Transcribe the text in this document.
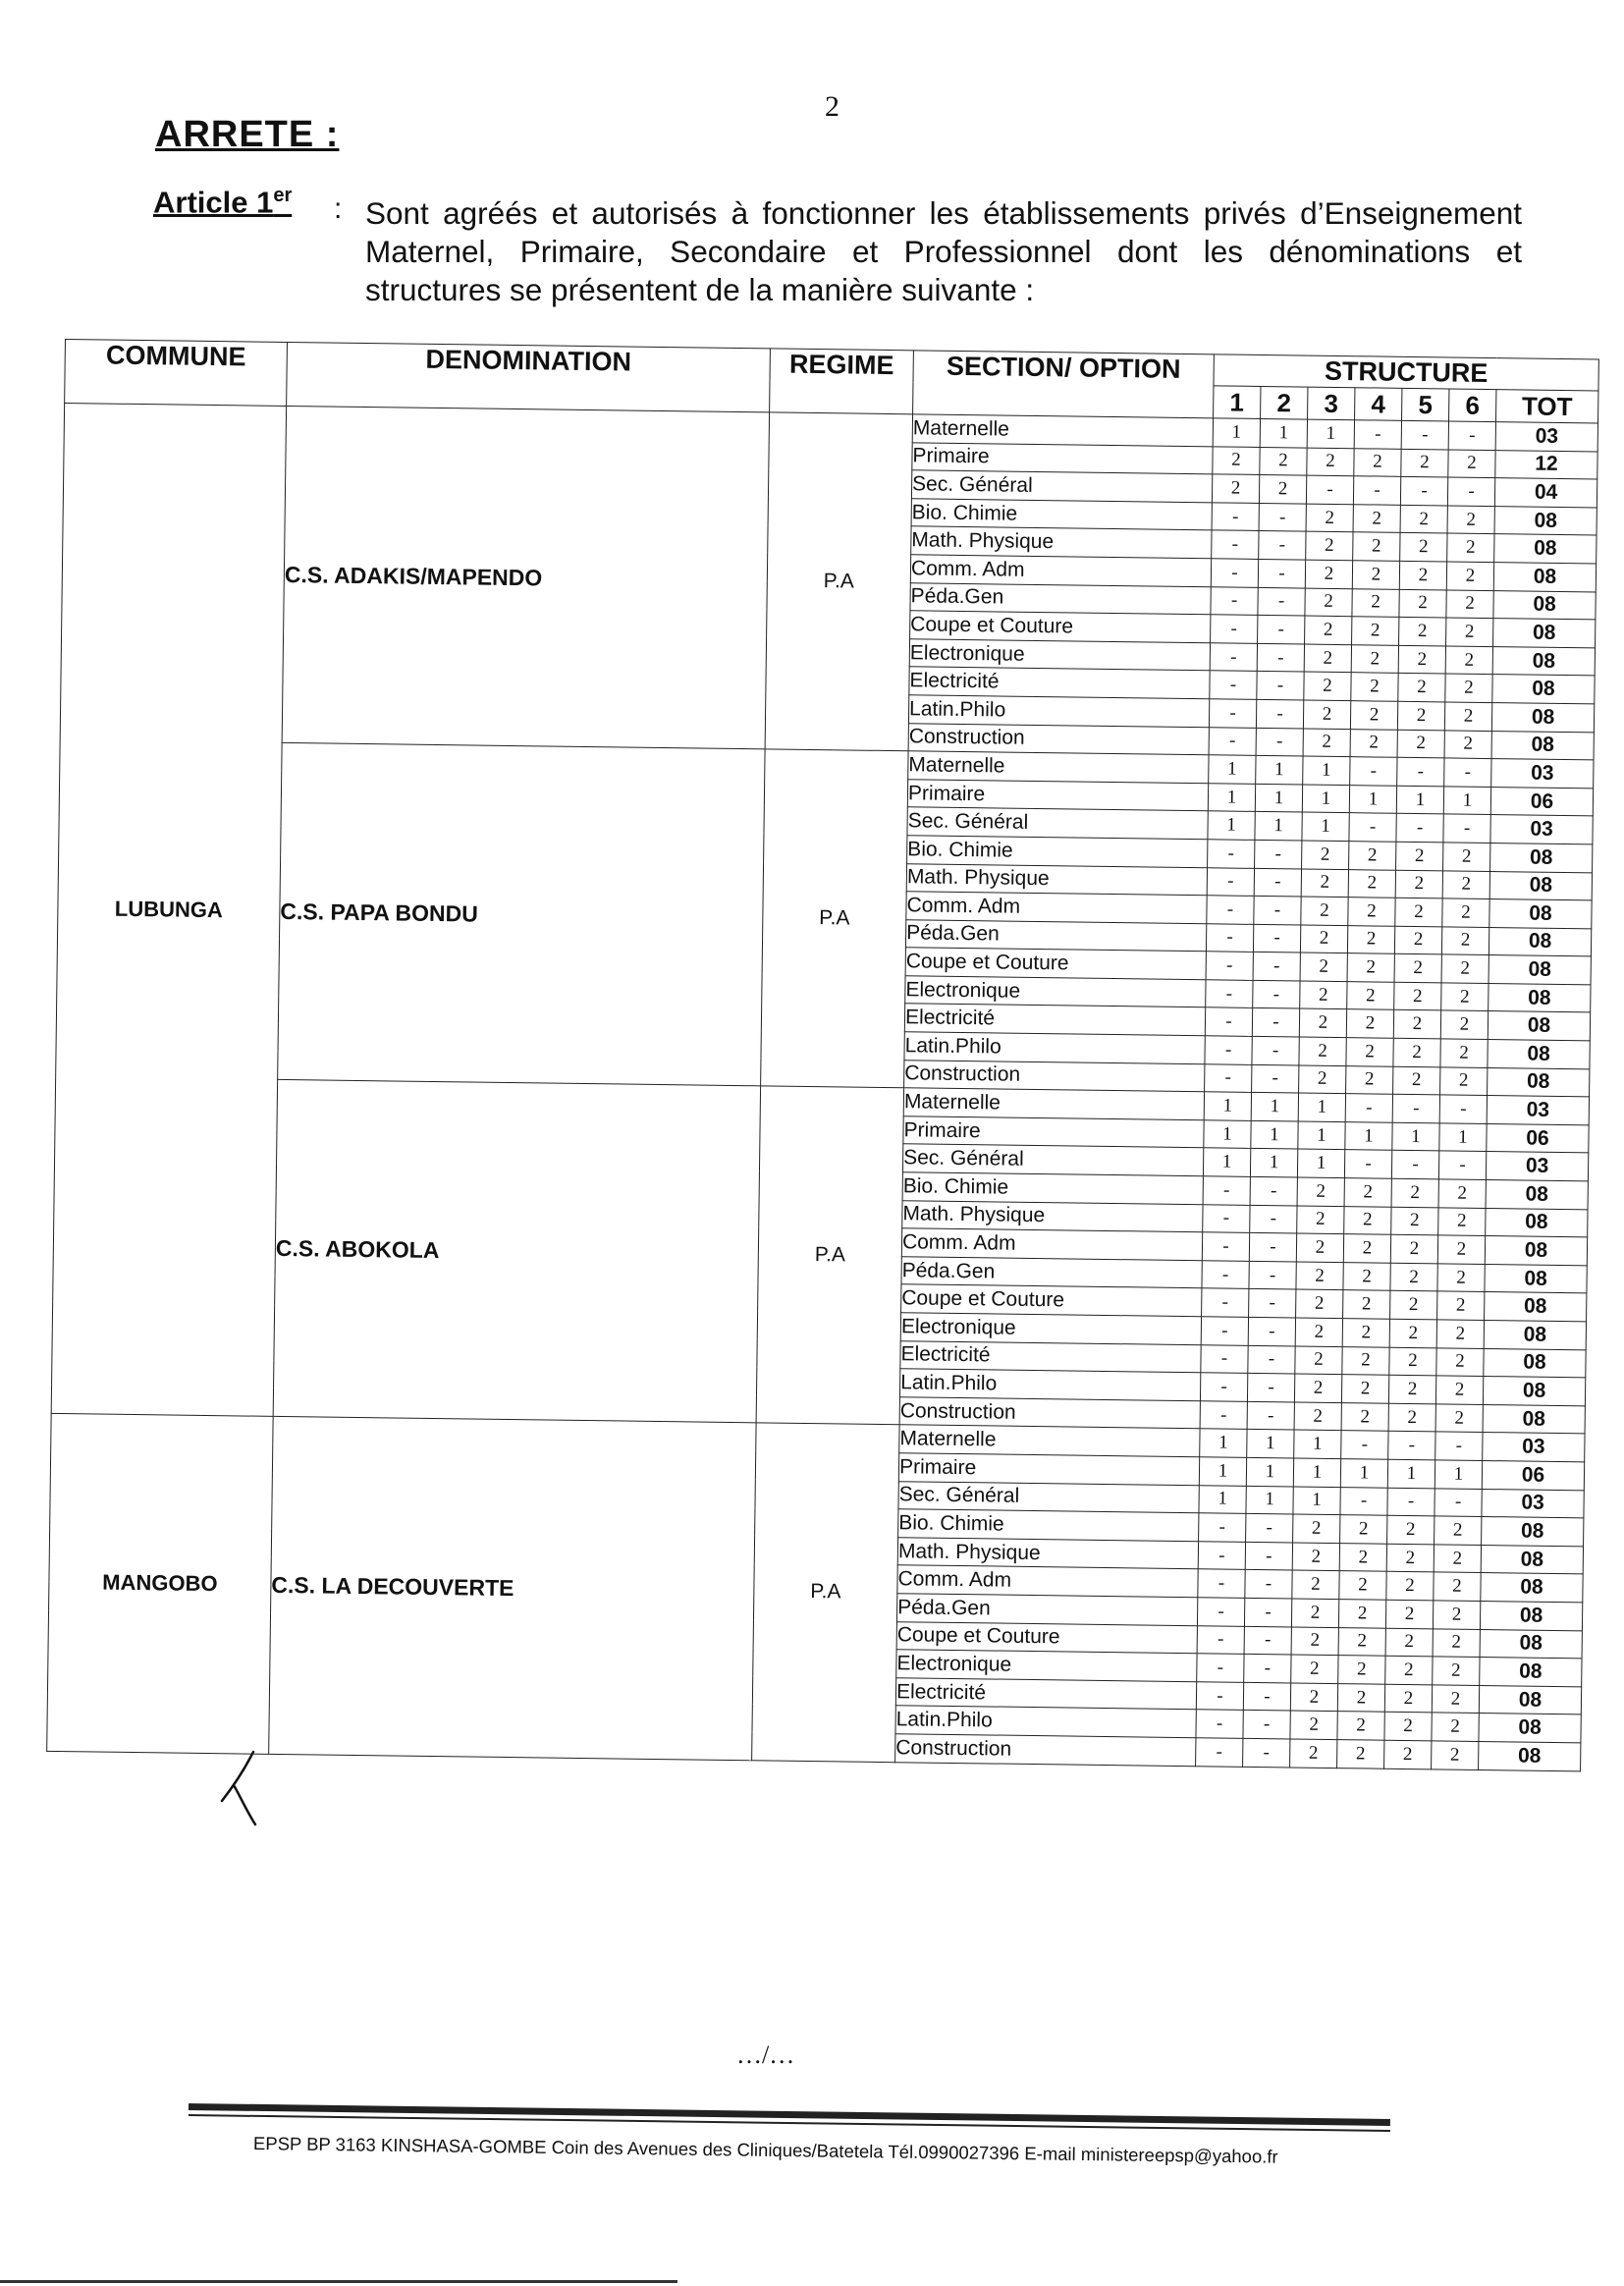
2
ARRETE :
Article 1er : Sont agréés et autorisés à fonctionner les établissements privés d’Enseignement Maternel, Primaire, Secondaire et Professionnel dont les dénominations et structures se présentent de la manière suivante :
COMMUNE	DENOMINATION	REGIME	SECTION/ OPTION	STRUCTURE						
				1	2	3	4	5	6	TOT
LUBUNGA	C.S. ADAKIS/MAPENDO	P.A	Maternelle	1	1	1	-	-	-	03
			Primaire	2	2	2	2	2	2	12
			Sec. Général	2	2	-	-	-	-	04
			Bio. Chimie	-	-	2	2	2	2	08
			Math. Physique	-	-	2	2	2	2	08
			Comm. Adm	-	-	2	2	2	2	08
			Péda.Gen	-	-	2	2	2	2	08
			Coupe et Couture	-	-	2	2	2	2	08
			Electronique	-	-	2	2	2	2	08
			Electricité	-	-	2	2	2	2	08
			Latin.Philo	-	-	2	2	2	2	08
			Construction	-	-	2	2	2	2	08
	C.S. PAPA BONDU	P.A	Maternelle	1	1	1	-	-	-	03
			Primaire	1	1	1	1	1	1	06
			Sec. Général	1	1	1	-	-	-	03
			Bio. Chimie	-	-	2	2	2	2	08
			Math. Physique	-	-	2	2	2	2	08
			Comm. Adm	-	-	2	2	2	2	08
			Péda.Gen	-	-	2	2	2	2	08
			Coupe et Couture	-	-	2	2	2	2	08
			Electronique	-	-	2	2	2	2	08
			Electricité	-	-	2	2	2	2	08
			Latin.Philo	-	-	2	2	2	2	08
			Construction	-	-	2	2	2	2	08
	C.S. ABOKOLA	P.A	Maternelle	1	1	1	-	-	-	03
			Primaire	1	1	1	1	1	1	06
			Sec. Général	1	1	1	-	-	-	03
			Bio. Chimie	-	-	2	2	2	2	08
			Math. Physique	-	-	2	2	2	2	08
			Comm. Adm	-	-	2	2	2	2	08
			Péda.Gen	-	-	2	2	2	2	08
			Coupe et Couture	-	-	2	2	2	2	08
			Electronique	-	-	2	2	2	2	08
			Electricité	-	-	2	2	2	2	08
			Latin.Philo	-	-	2	2	2	2	08
			Construction	-	-	2	2	2	2	08
MANGOBO	C.S. LA DECOUVERTE	P.A	Maternelle	1	1	1	-	-	-	03
			Primaire	1	1	1	1	1	1	06
			Sec. Général	1	1	1	-	-	-	03
			Bio. Chimie	-	-	2	2	2	2	08
			Math. Physique	-	-	2	2	2	2	08
			Comm. Adm	-	-	2	2	2	2	08
			Péda.Gen	-	-	2	2	2	2	08
			Coupe et Couture	-	-	2	2	2	2	08
			Electronique	-	-	2	2	2	2	08
			Electricité	-	-	2	2	2	2	08
			Latin.Philo	-	-	2	2	2	2	08
			Construction	-	-	2	2	2	2	08
…/…
EPSP BP 3163 KINSHASA-GOMBE Coin des Avenues des Cliniques/Batetela Tél.0990027396 E-mail ministereepsp@yahoo.fr
